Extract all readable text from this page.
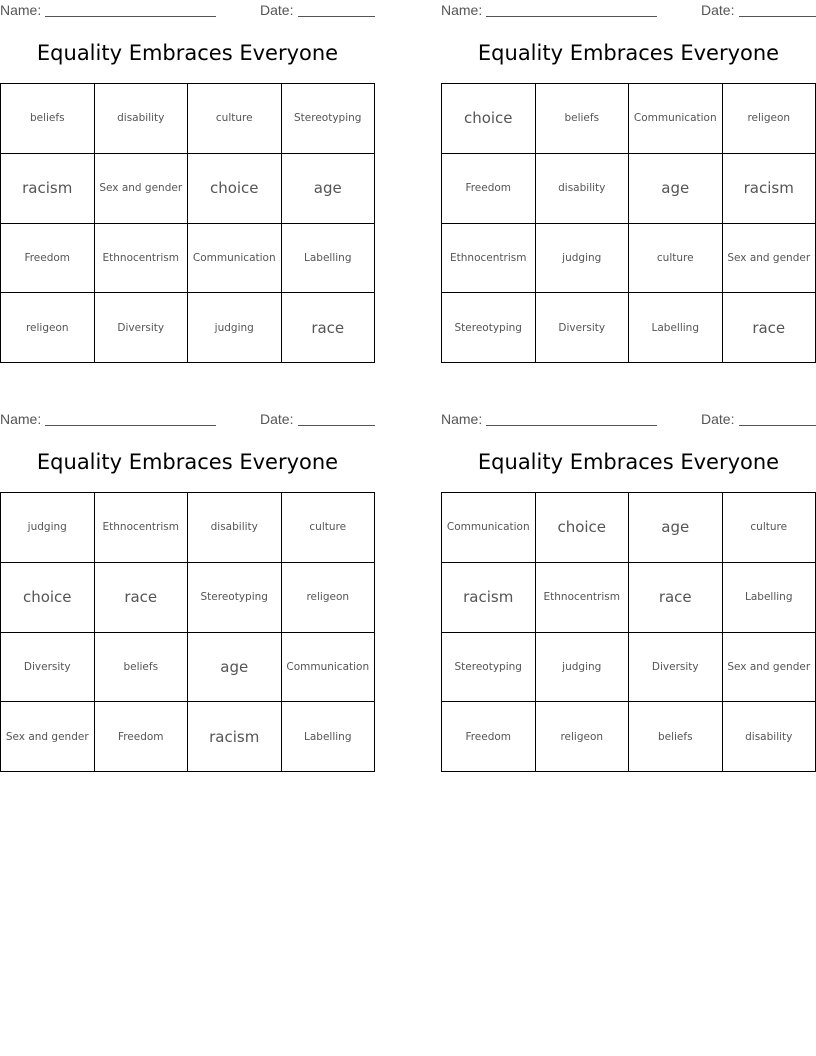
Name:	Date:
Equality Embraces Everyone
beliefs	disability	culture	Stereotyping
racism	Sex and gender	choice	age
Freedom	Ethnocentrism	Communication	Labelling
religeon	Diversity	judging	race
Name:	Date:
Equality Embraces Everyone
choice	beliefs	Communication	religeon
Freedom	disability	age	racism
Ethnocentrism	judging	culture	Sex and gender
Stereotyping	Diversity	Labelling	race
Name:	Date:
Equality Embraces Everyone
judging	Ethnocentrism	disability	culture
choice	race	Stereotyping	religeon
Diversity	beliefs	age	Communication
Sex and gender	Freedom	racism	Labelling
Name:	Date:
Equality Embraces Everyone
Communication	choice	age	culture
racism	Ethnocentrism	race	Labelling
Stereotyping	judging	Diversity	Sex and gender
Freedom	religeon	beliefs	disability
